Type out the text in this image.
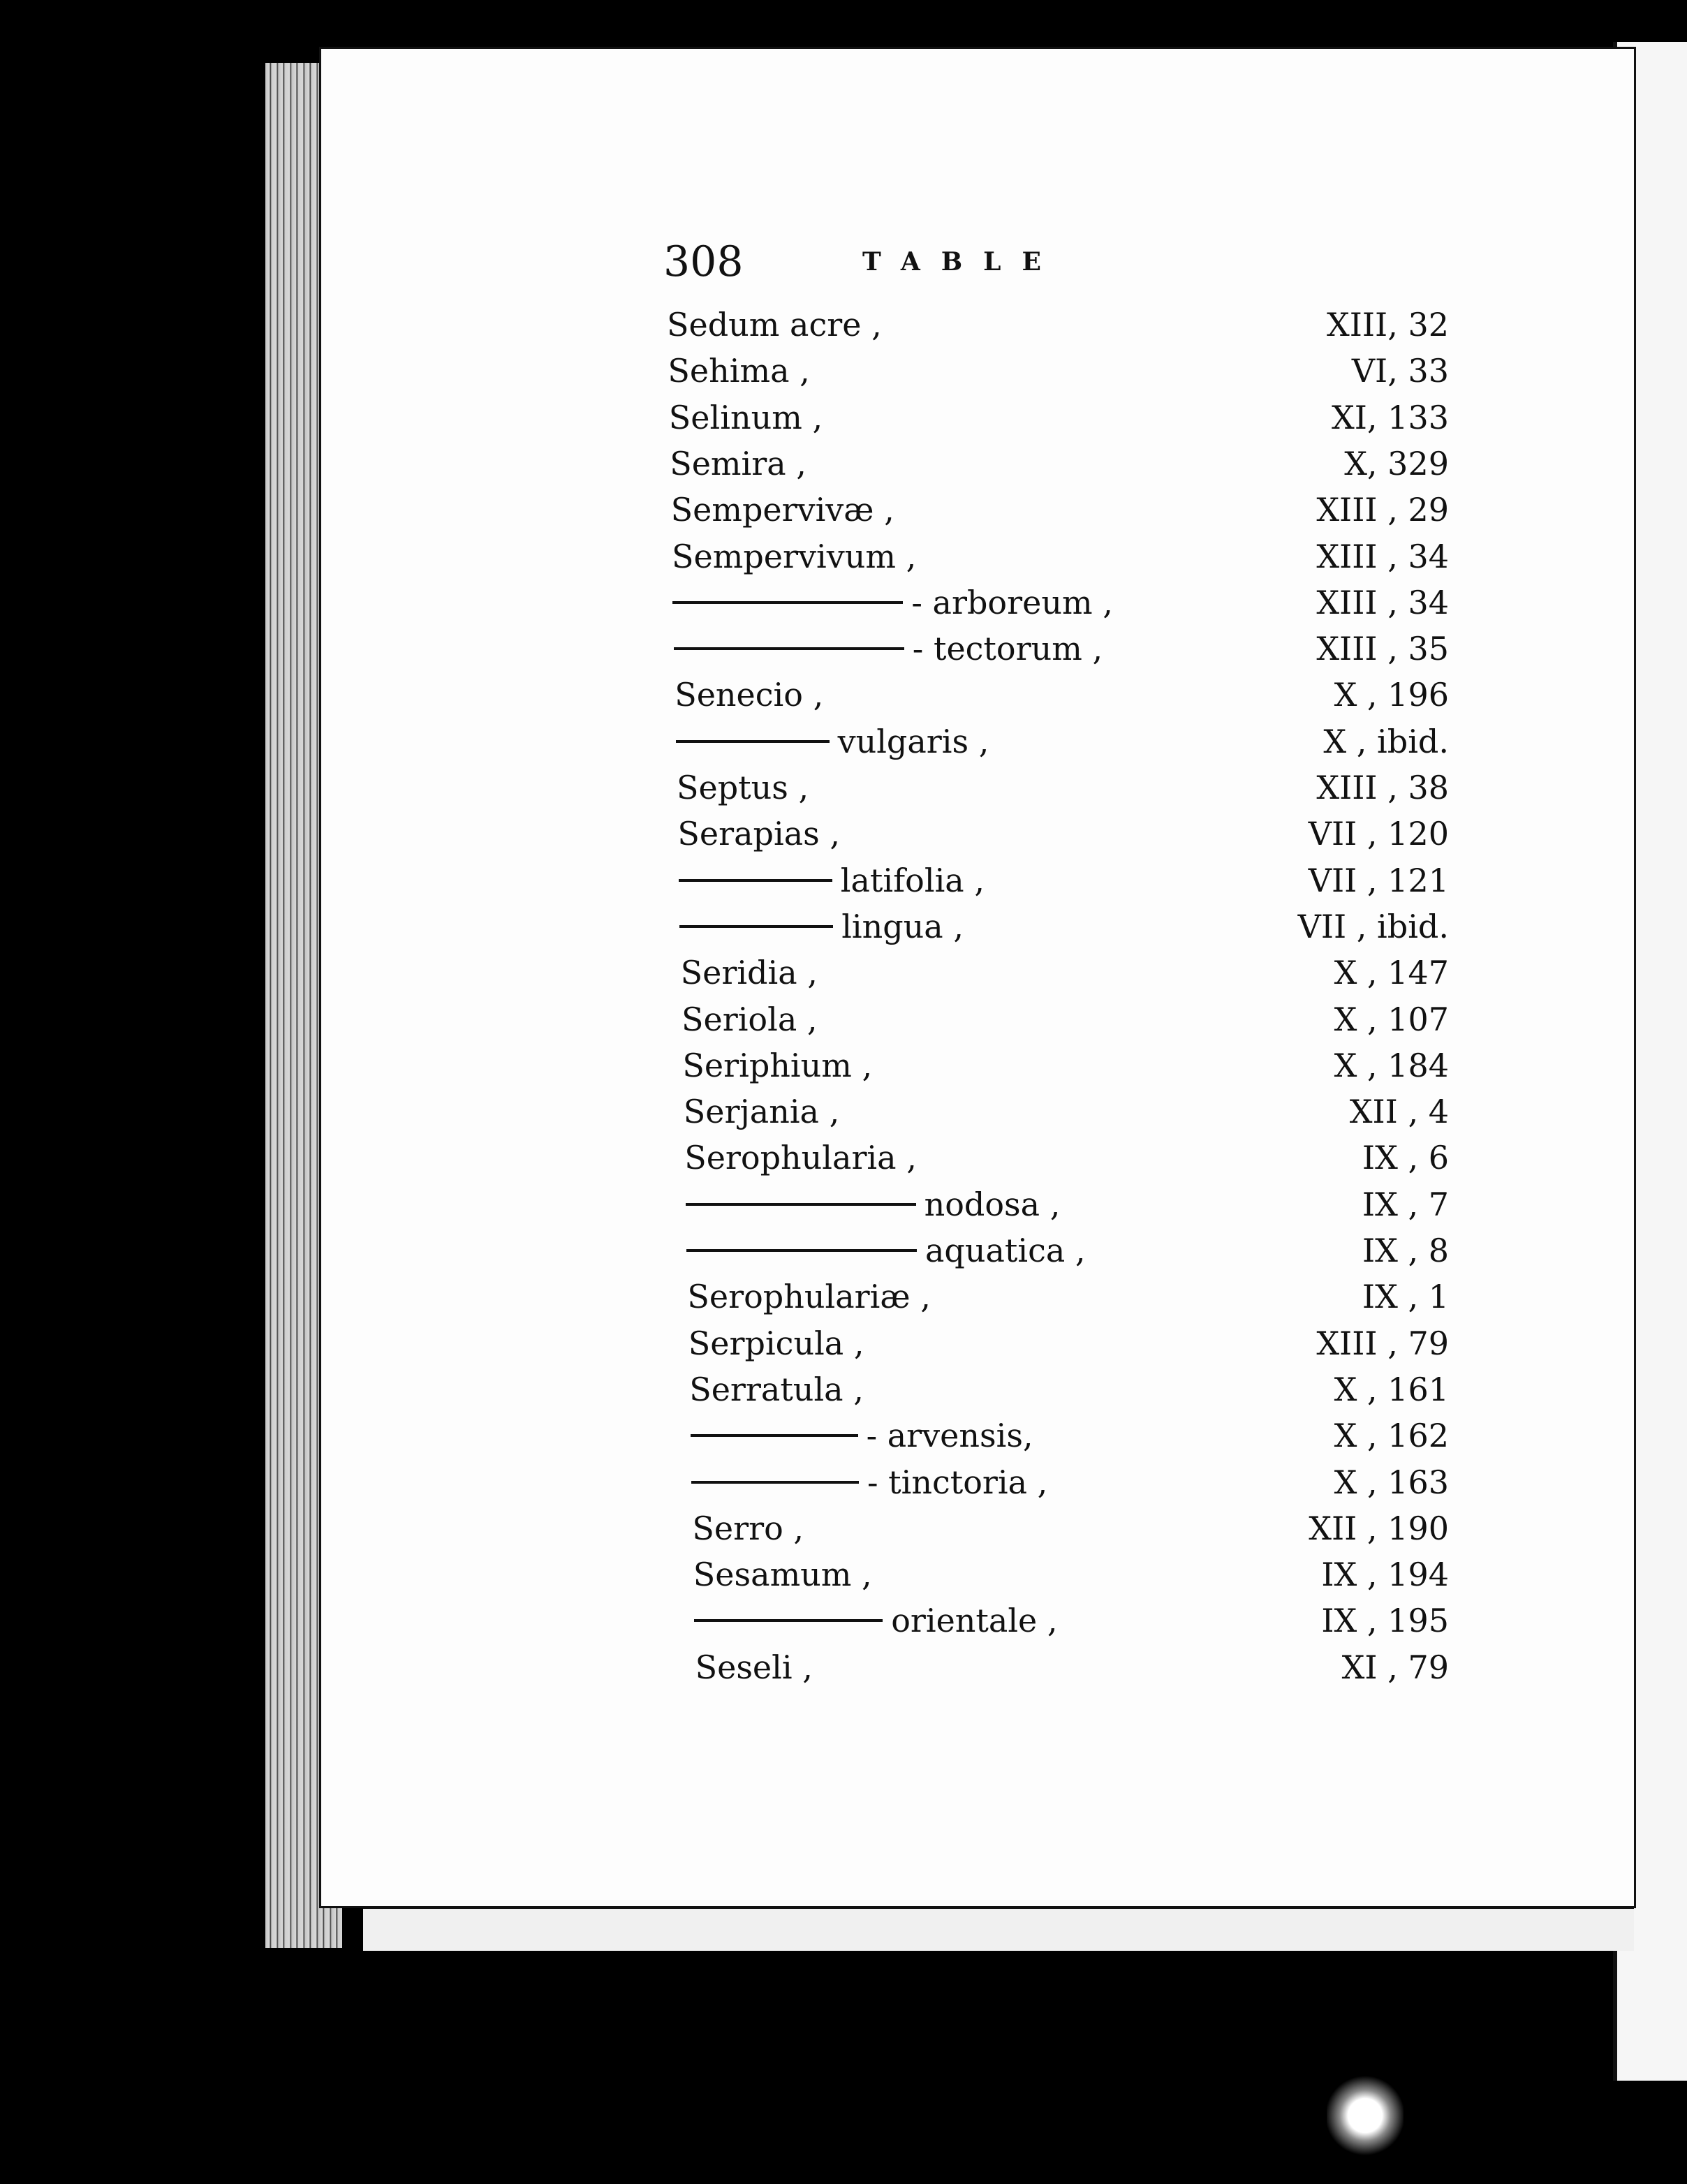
308	TABLE
Sedum acre ,	XIII, 32
Sehima ,	VI, 33
Selinum ,	XI, 133
Semira ,	X, 329
Sempervivæ ,	XIII , 29
Sempervivum ,	XIII , 34
- arboreum ,	XIII , 34
- tectorum ,	XIII , 35
Senecio ,	X , 196
vulgaris ,	X , ibid.
Septus ,	XIII , 38
Serapias ,	VII , 120
latifolia ,	VII , 121
lingua ,	VII , ibid.
Seridia ,	X , 147
Seriola ,	X , 107
Seriphium ,	X , 184
Serjania ,	XII , 4
Serophularia ,	IX , 6
nodosa ,	IX , 7
aquatica ,	IX , 8
Serophulariæ ,	IX , 1
Serpicula ,	XIII , 79
Serratula ,	X , 161
- arvensis,	X , 162
- tinctoria ,	X , 163
Serro ,	XII , 190
Sesamum ,	IX , 194
orientale ,	IX , 195
Seseli ,	XI , 79
